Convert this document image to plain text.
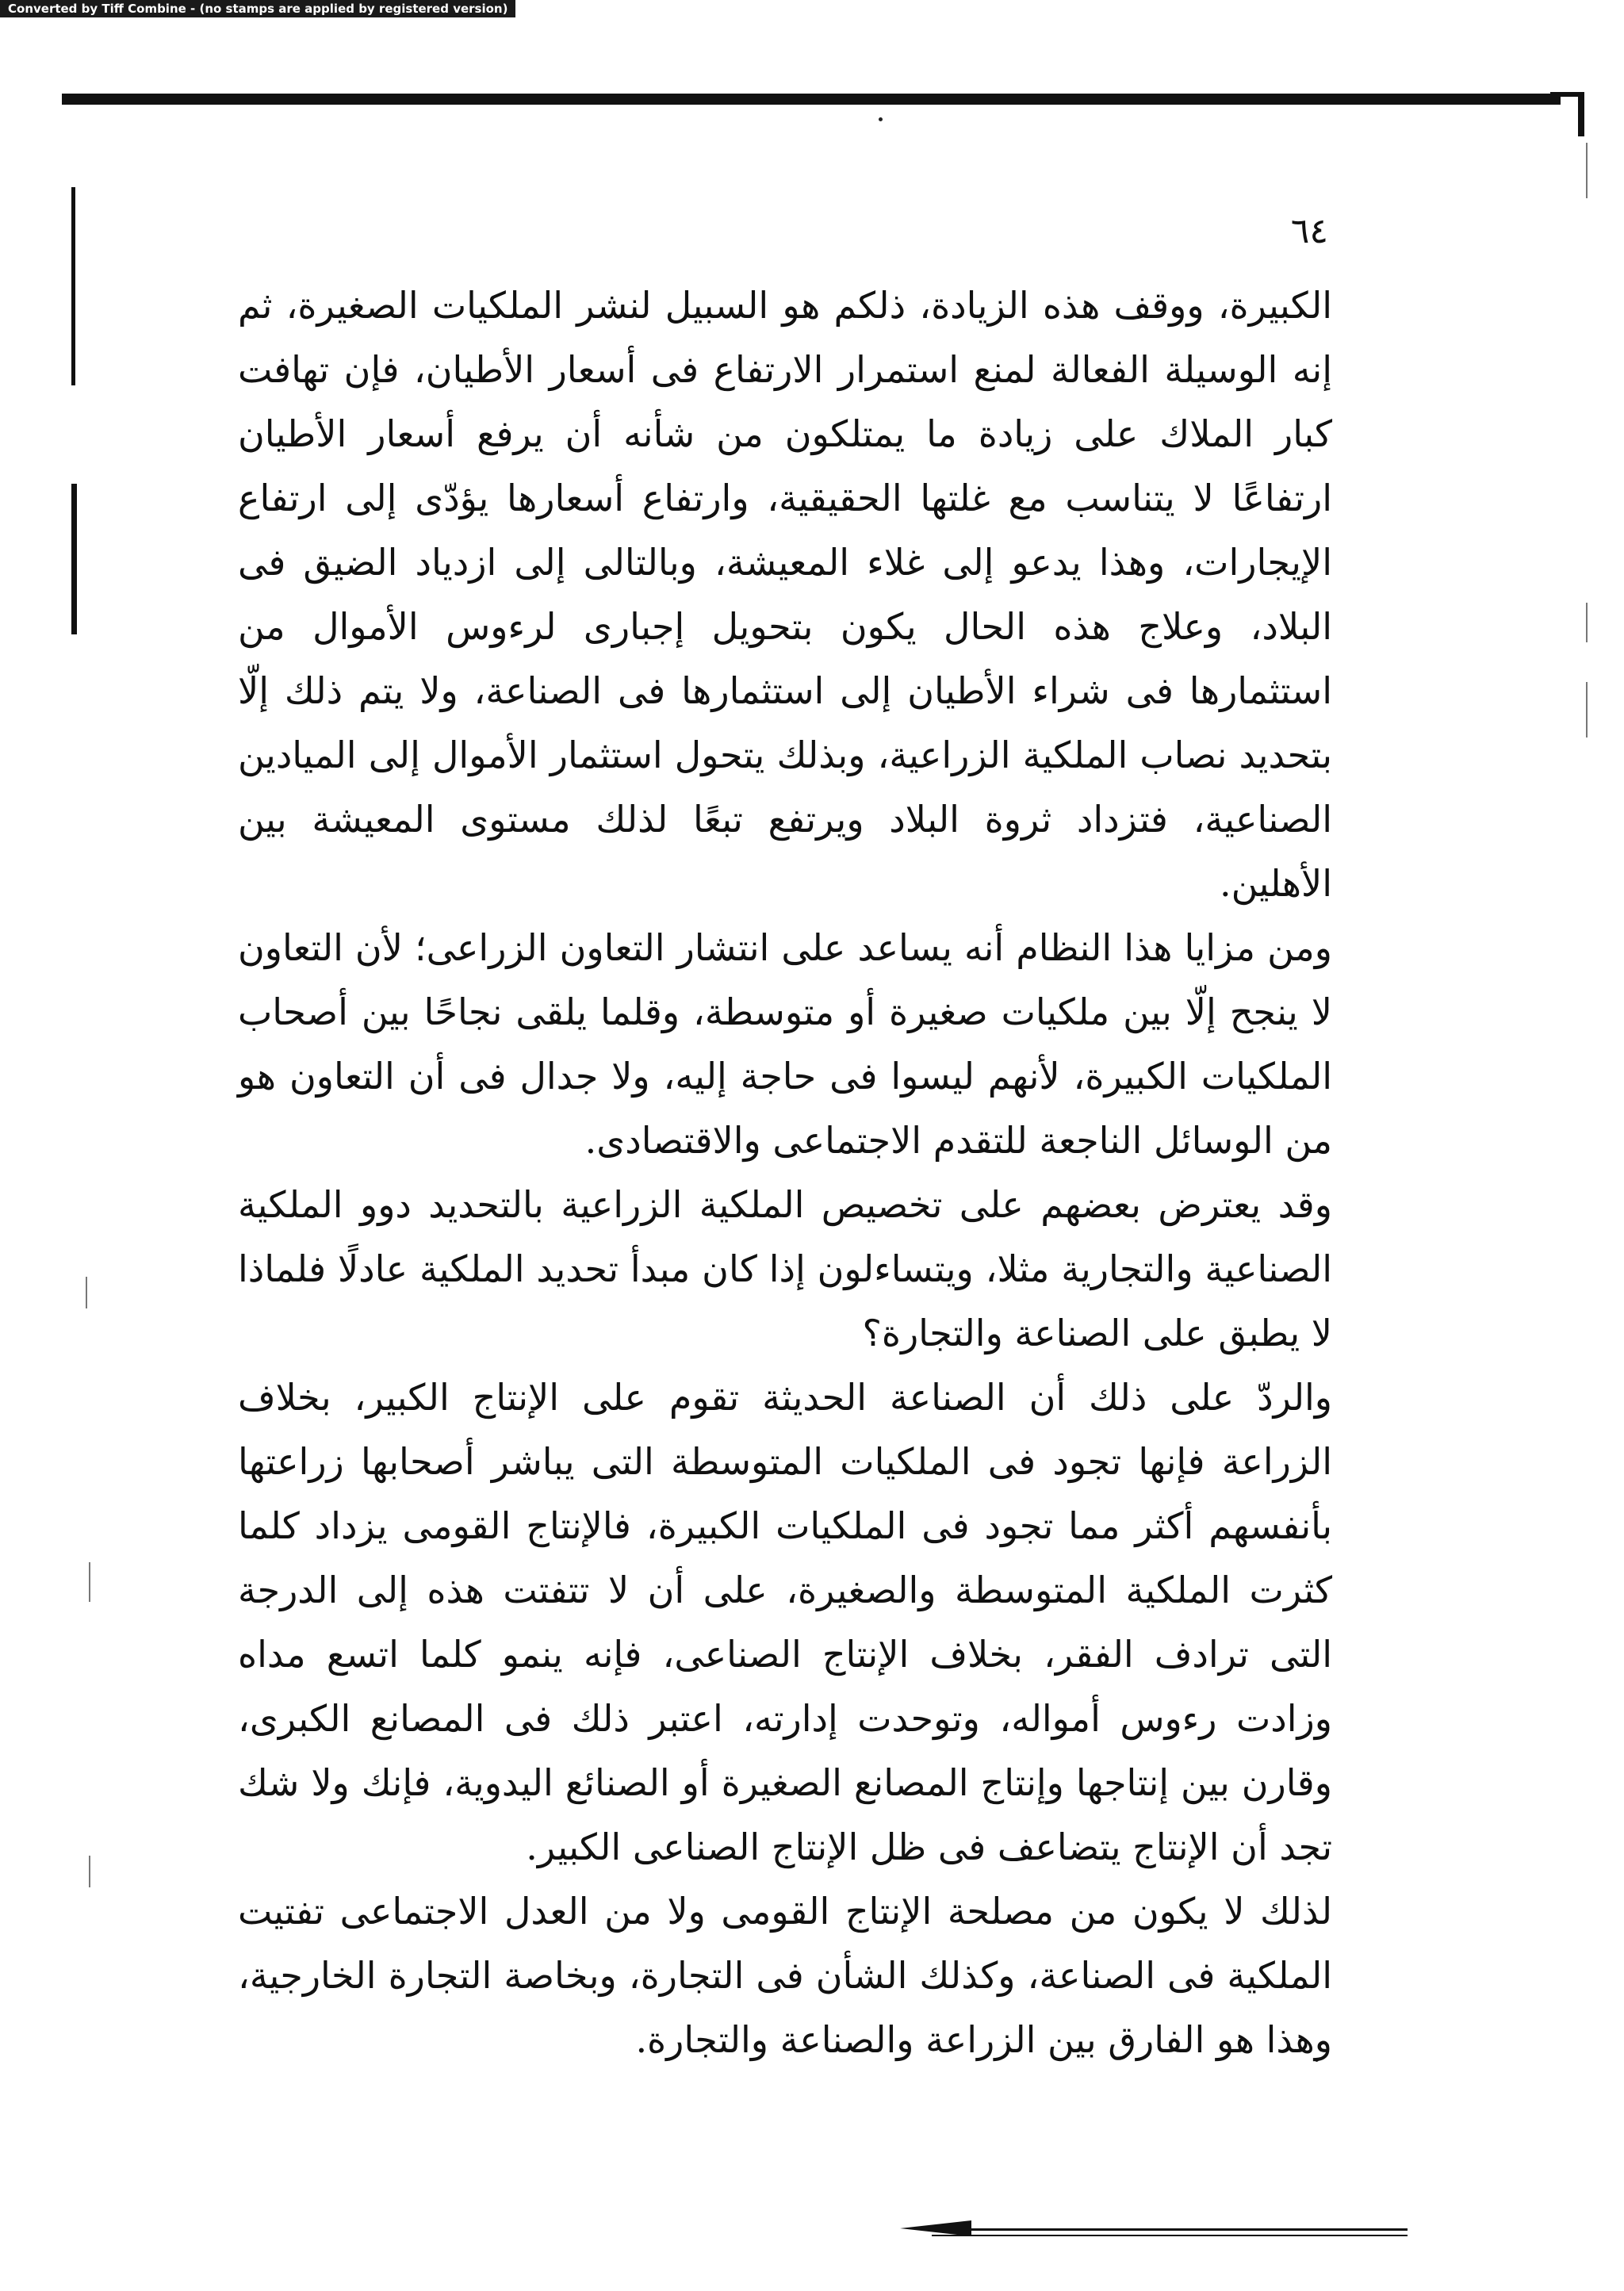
Converted by Tiff Combine - (no stamps are applied by registered version)
٦٤

الكبيرة، ووقف هذه الزيادة، ذلكم هو السبيل لنشر الملكيات الصغيرة، ثم إنه الوسيلة الفعالة لمنع استمرار الارتفاع فى أسعار الأطيان، فإن تهافت كبار الملاك على زيادة ما يمتلكون من شأنه أن يرفع أسعار الأطيان ارتفاعًا لا يتناسب مع غلتها الحقيقية، وارتفاع أسعارها يؤدّى إلى ارتفاع الإيجارات، وهذا يدعو إلى غلاء المعيشة، وبالتالى إلى ازدياد الضيق فى البلاد، وعلاج هذه الحال يكون بتحويل إجبارى لرءوس الأموال من استثمارها فى شراء الأطيان إلى استثمارها فى الصناعة، ولا يتم ذلك إلّا بتحديد نصاب الملكية الزراعية، وبذلك يتحول استثمار الأموال إلى الميادين الصناعية، فتزداد ثروة البلاد ويرتفع تبعًا لذلك مستوى المعيشة بين الأهلين.

ومن مزايا هذا النظام أنه يساعد على انتشار التعاون الزراعى؛ لأن التعاون لا ينجح إلّا بين ملكيات صغيرة أو متوسطة، وقلما يلقى نجاحًا بين أصحاب الملكيات الكبيرة، لأنهم ليسوا فى حاجة إليه، ولا جدال فى أن التعاون هو من الوسائل الناجعة للتقدم الاجتماعى والاقتصادى.

وقد يعترض بعضهم على تخصيص الملكية الزراعية بالتحديد دوو الملكية الصناعية والتجارية مثلا، ويتساءلون إذا كان مبدأ تحديد الملكية عادلًا فلماذا لا يطبق على الصناعة والتجارة؟

والردّ على ذلك أن الصناعة الحديثة تقوم على الإنتاج الكبير، بخلاف الزراعة فإنها تجود فى الملكيات المتوسطة التى يباشر أصحابها زراعتها بأنفسهم أكثر مما تجود فى الملكيات الكبيرة، فالإنتاج القومى يزداد كلما كثرت الملكية المتوسطة والصغيرة، على أن لا تتفتت هذه إلى الدرجة التى ترادف الفقر، بخلاف الإنتاج الصناعى، فإنه ينمو كلما اتسع مداه وزادت رءوس أمواله، وتوحدت إدارته، اعتبر ذلك فى المصانع الكبرى، وقارن بين إنتاجها وإنتاج المصانع الصغيرة أو الصنائع اليدوية، فإنك ولا شك تجد أن الإنتاج يتضاعف فى ظل الإنتاج الصناعى الكبير.

لذلك لا يكون من مصلحة الإنتاج القومى ولا من العدل الاجتماعى تفتيت الملكية فى الصناعة، وكذلك الشأن فى التجارة، وبخاصة التجارة الخارجية، وهذا هو الفارق بين الزراعة والصناعة والتجارة.
